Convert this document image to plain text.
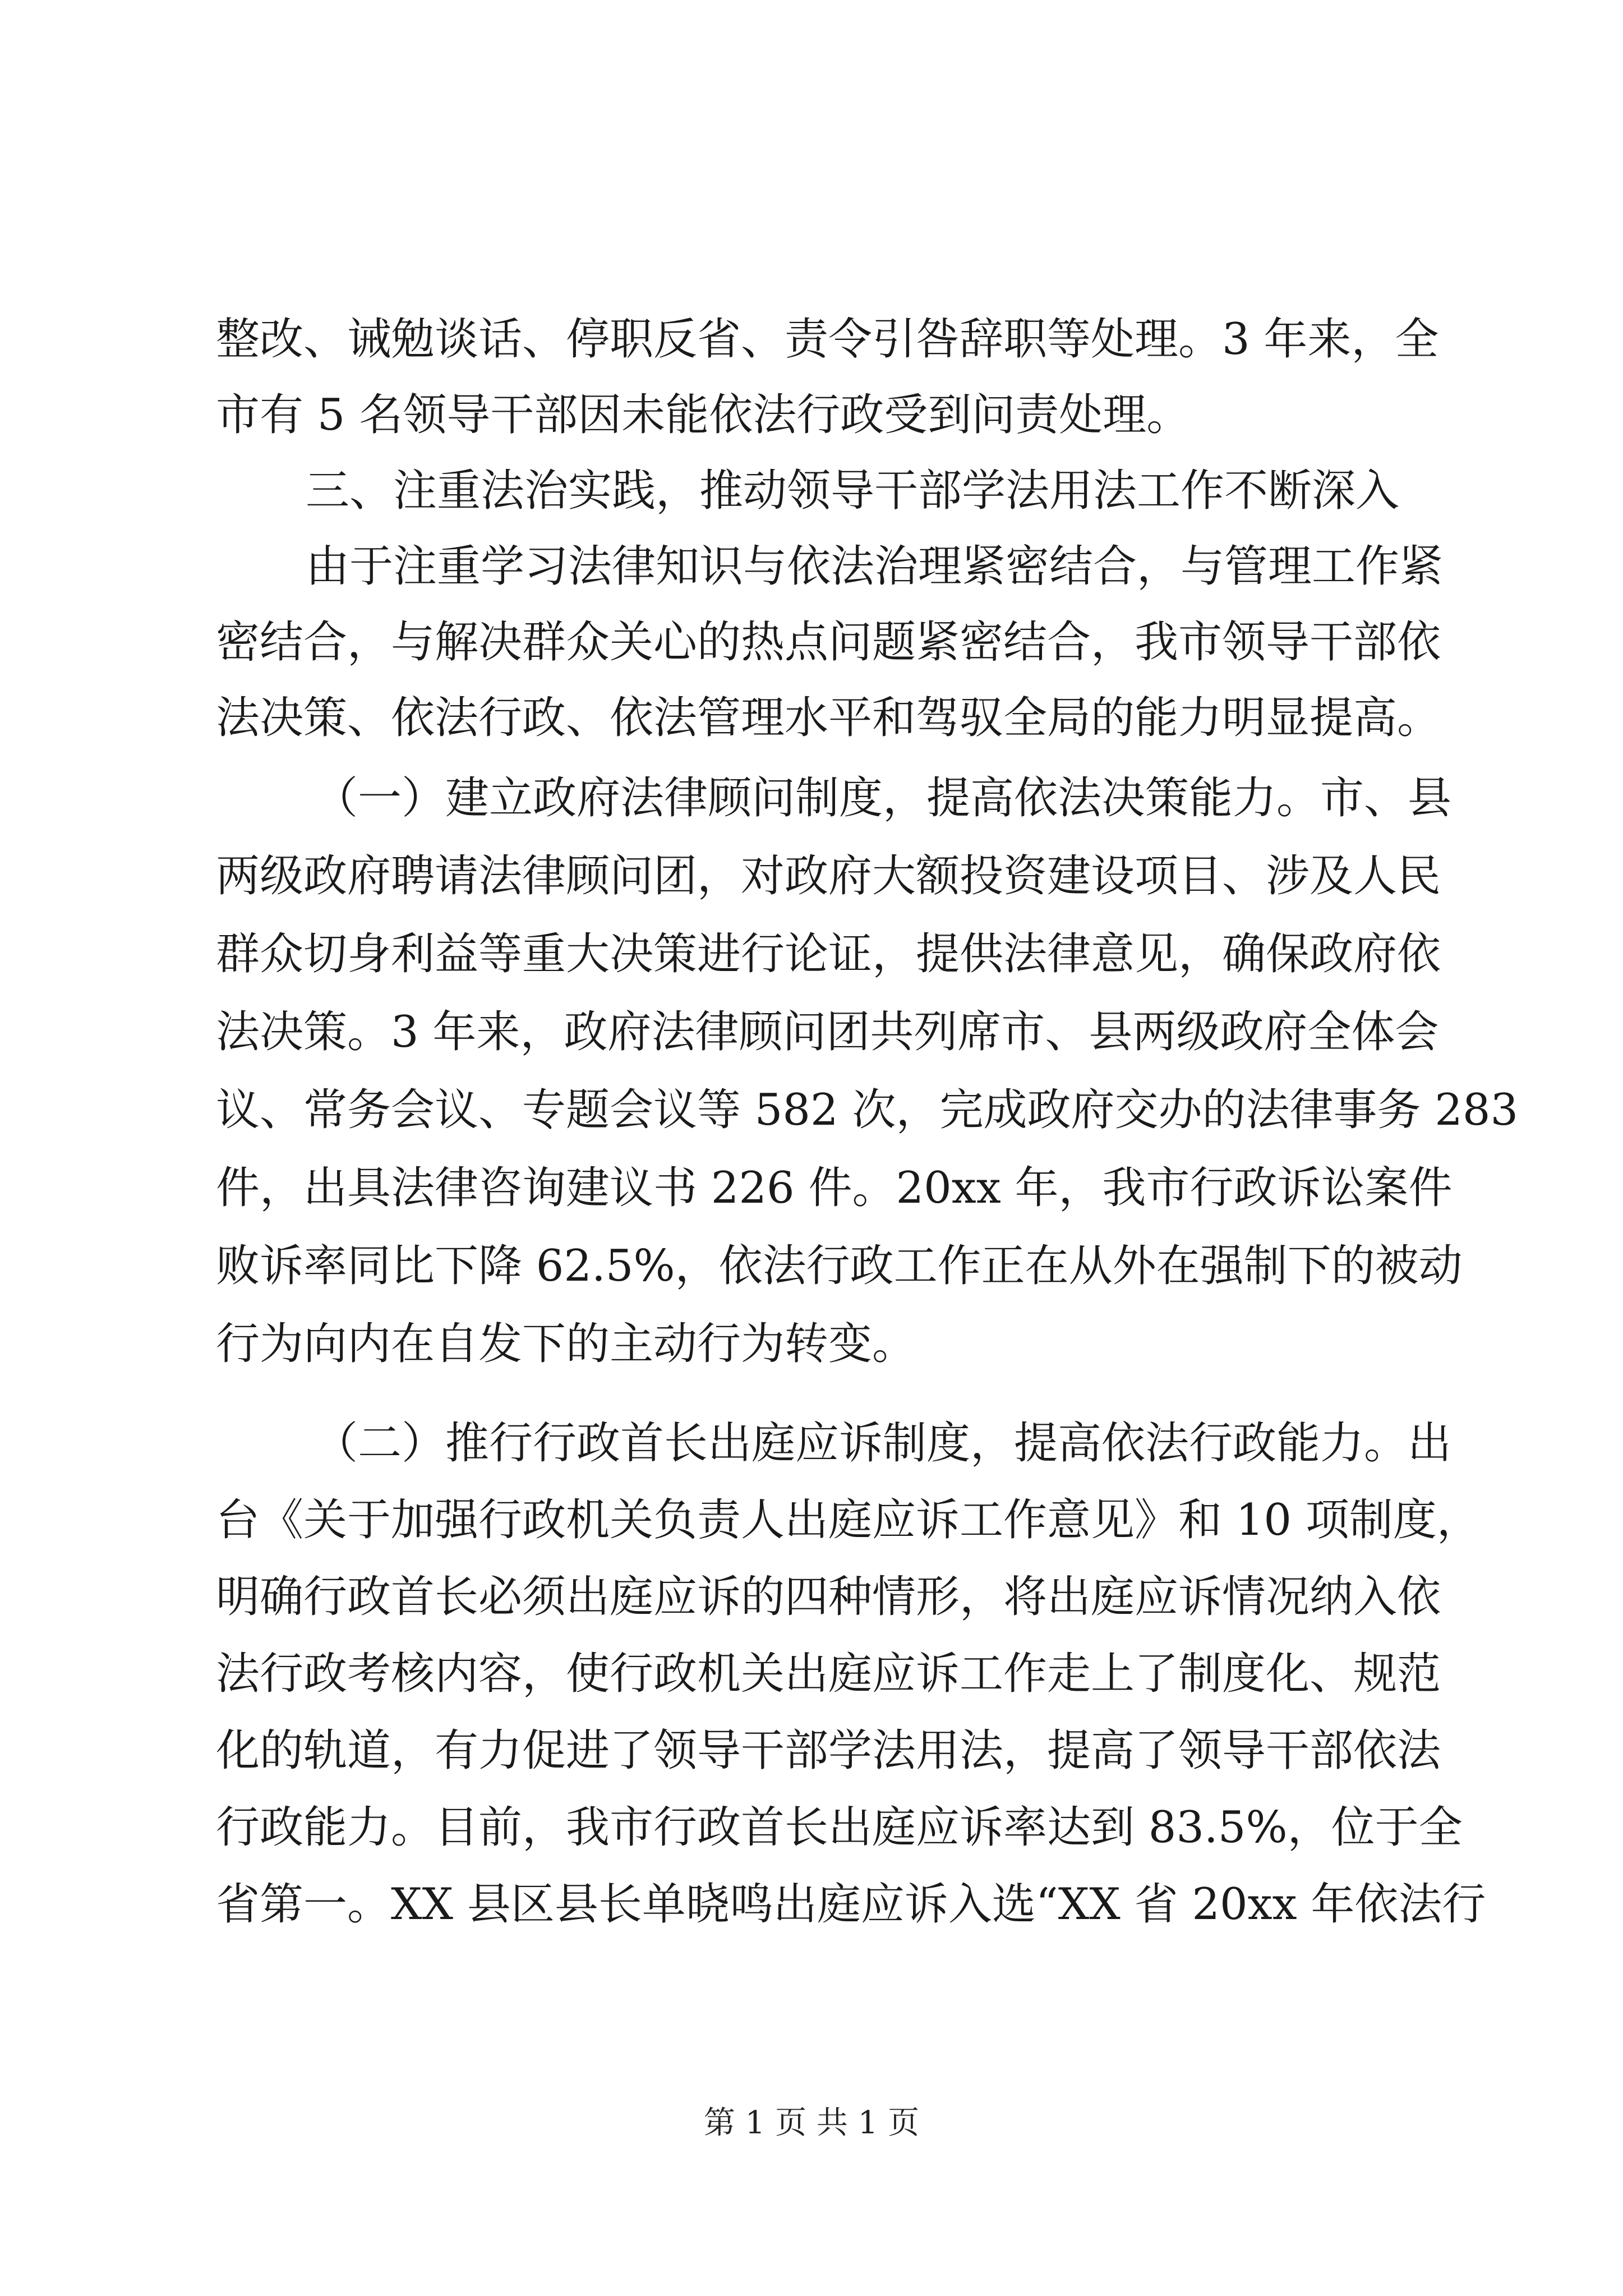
整改、诫勉谈话、停职反省、责令引咎辞职等处理。3 年来，全
市有 5 名领导干部因未能依法行政受到问责处理。
三、注重法治实践，推动领导干部学法用法工作不断深入
由于注重学习法律知识与依法治理紧密结合，与管理工作紧
密结合，与解决群众关心的热点问题紧密结合，我市领导干部依
法决策、依法行政、依法管理水平和驾驭全局的能力明显提高。
（一）建立政府法律顾问制度，提高依法决策能力。市、县
两级政府聘请法律顾问团，对政府大额投资建设项目、涉及人民
群众切身利益等重大决策进行论证，提供法律意见，确保政府依
法决策。3 年来，政府法律顾问团共列席市、县两级政府全体会
议、常务会议、专题会议等 582 次，完成政府交办的法律事务 283
件，出具法律咨询建议书 226 件。20xx 年，我市行政诉讼案件
败诉率同比下降 62.5%，依法行政工作正在从外在强制下的被动
行为向内在自发下的主动行为转变。
（二）推行行政首长出庭应诉制度，提高依法行政能力。出
台《关于加强行政机关负责人出庭应诉工作意见》和 10 项制度，
明确行政首长必须出庭应诉的四种情形，将出庭应诉情况纳入依
法行政考核内容，使行政机关出庭应诉工作走上了制度化、规范
化的轨道，有力促进了领导干部学法用法，提高了领导干部依法
行政能力。目前，我市行政首长出庭应诉率达到 83.5%，位于全
省第一。XX 县区县长单晓鸣出庭应诉入选“XX 省 20xx 年依法行
第 1 页 共 1 页
